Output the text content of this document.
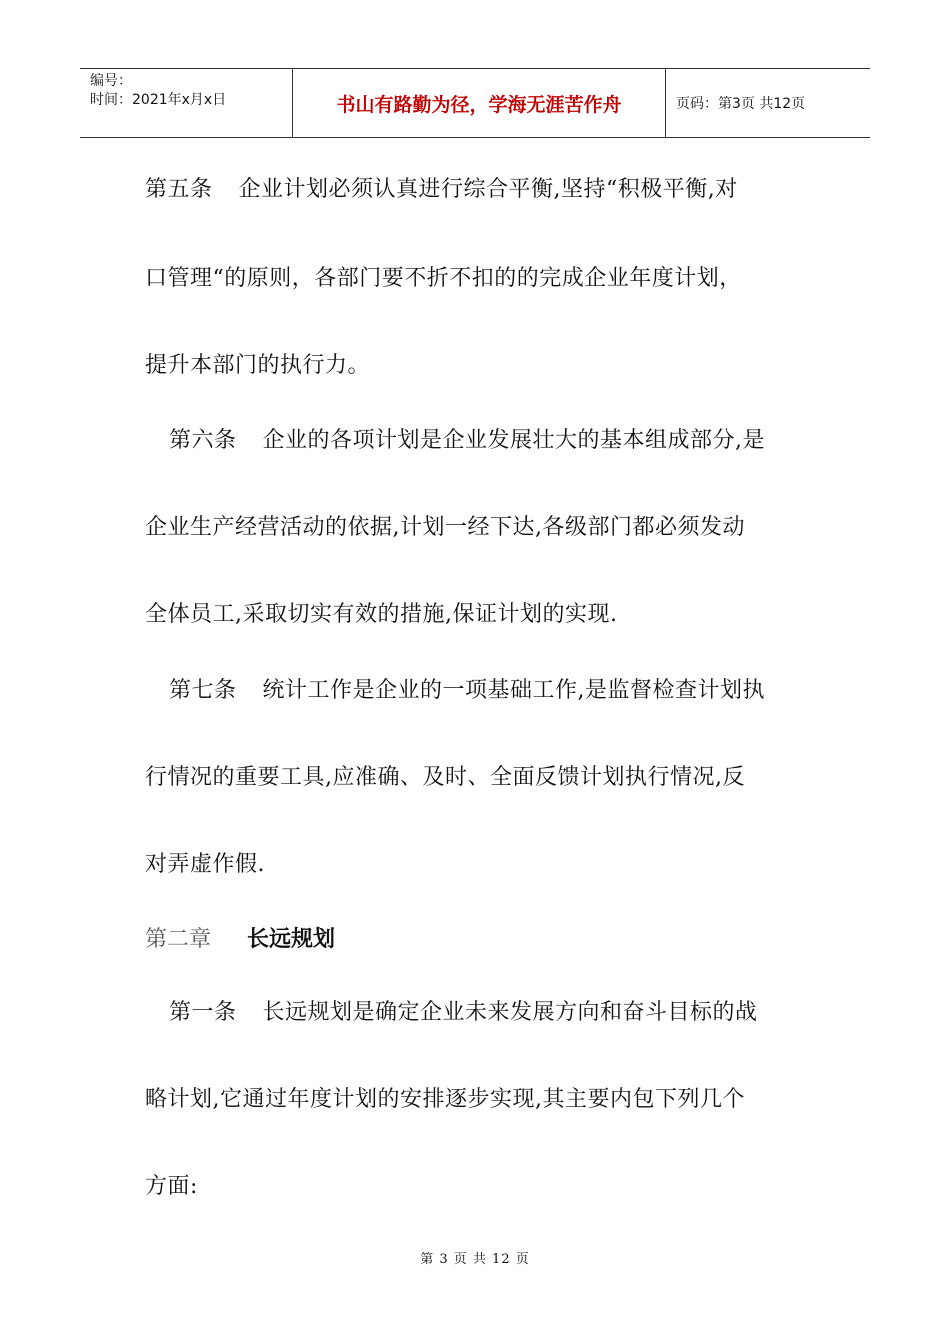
编号：
时间：2021年x月x日	书山有路勤为径，学海无涯苦作舟	页码：第3页 共12页
第五条 企业计划必须认真进行综合平衡,坚持“积极平衡,对
口管理“的原则，各部门要不折不扣的的完成企业年度计划，
提升本部门的执行力。
第六条 企业的各项计划是企业发展壮大的基本组成部分,是
企业生产经营活动的依据,计划一经下达,各级部门都必须发动
全体员工,采取切实有效的措施,保证计划的实现.
第七条 统计工作是企业的一项基础工作,是监督检查计划执
行情况的重要工具,应准确、及时、全面反馈计划执行情况,反
对弄虚作假.
第二章 长远规划
第一条 长远规划是确定企业未来发展方向和奋斗目标的战
略计划,它通过年度计划的安排逐步实现,其主要内包下列几个
方面:
第 3 页 共 12 页
